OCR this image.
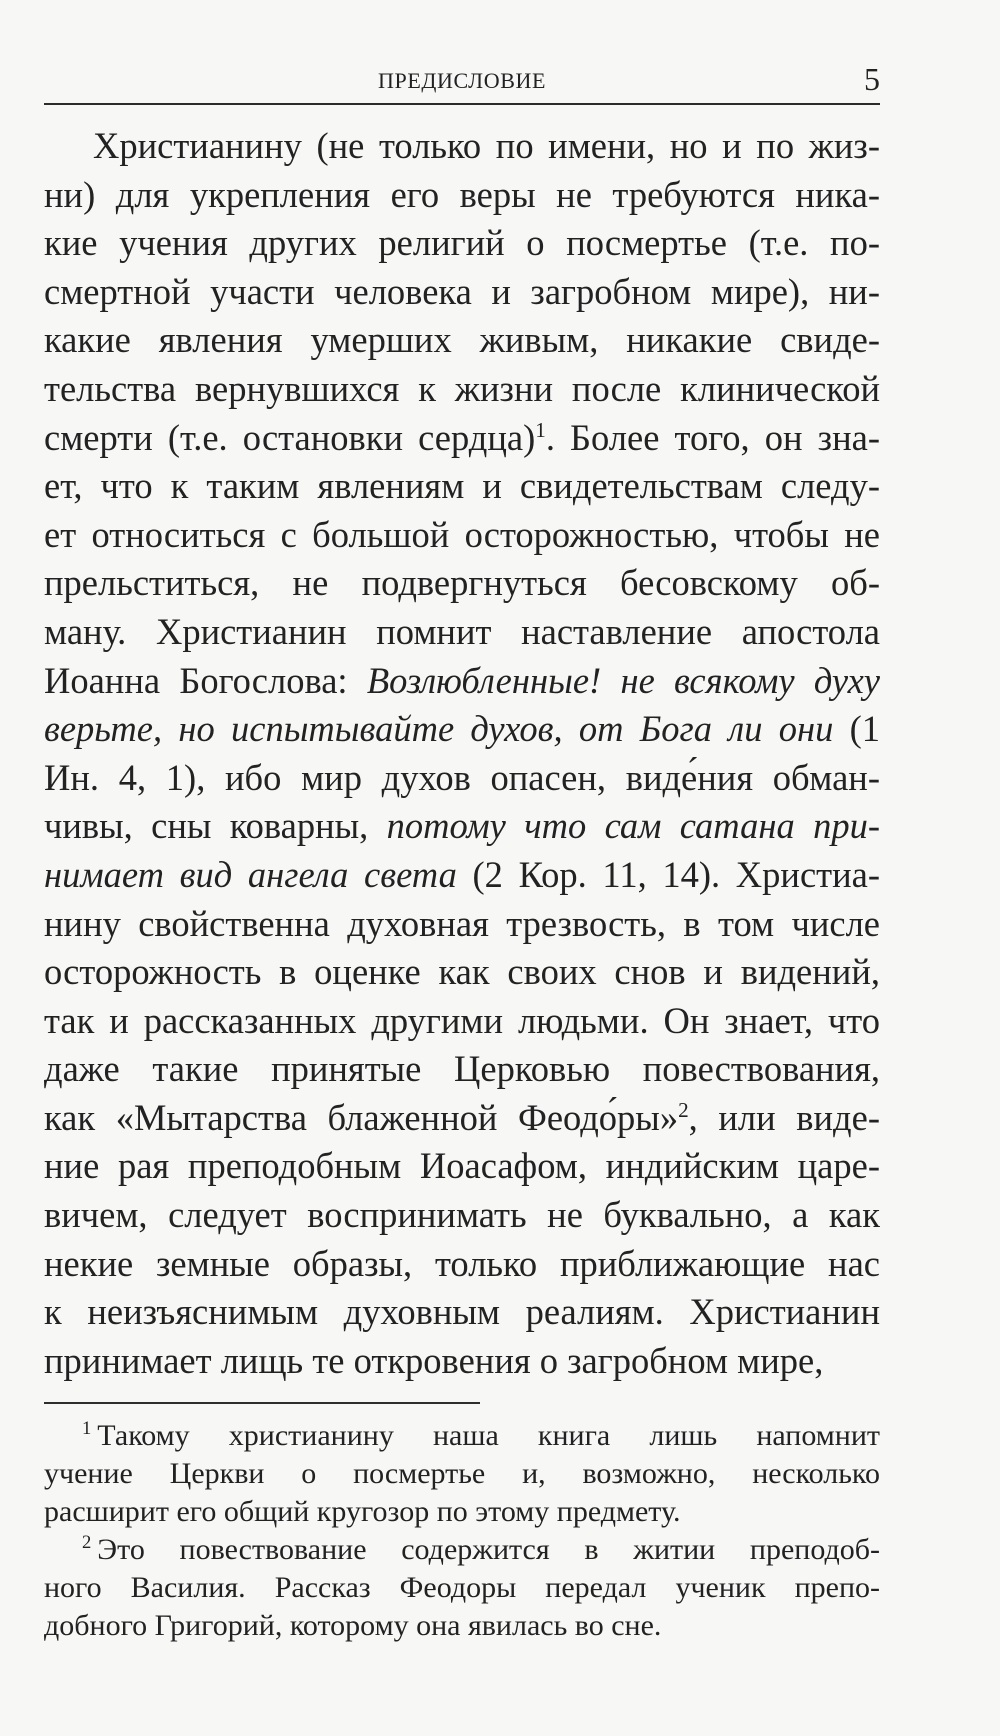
ПРЕДИСЛОВИЕ	5
Христианину (не только по имени, но и по жиз-
ни) для укрепления его веры не требуются ника-
кие учения других религий о посмертье (т.е. по-
смертной участи человека и загробном мире), ни-
какие явления умерших живым, никакие свиде-
тельства вернувшихся к жизни после клинической
смерти (т.е. остановки сердца)$^1$. Более того, он зна-
ет, что к таким явлениям и свидетельствам следу-
ет относиться с большой осторожностью, чтобы не
прельститься, не подвергнуться бесовскому об-
ману. Христианин помнит наставление апостола
Иоанна Богослова: Возлюбленные! не всякому духу
верьте, но испытывайте духов, от Бога ли они (1
Ин. 4, 1), ибо мир духов опасен, виде́ния обман-
чивы, сны коварны, потому что сам сатана при-
нимает вид ангела света (2 Кор. 11, 14). Христиа-
нину свойственна духовная трезвость, в том числе
осторожность в оценке как своих снов и видений,
так и рассказанных другими людьми. Он знает, что
даже такие принятые Церковью повествования,
как «Мытарства блаженной Феодо́ры»$^2$, или виде-
ние рая преподобным Иоасафом, индийским царе-
вичем, следует воспринимать не буквально, а как
некие земные образы, только приближающие нас
к неизъяснимым духовным реалиям. Христианин
принимает лищь те откровения о загробном мире,
$^1$ Такому христианину наша книга лишь напомнит
учение Церкви о посмертье и, возможно, несколько
расширит его общий кругозор по этому предмету.
$^2$ Это повествование содержится в житии преподоб-
ного Василия. Рассказ Феодоры передал ученик препо-
добного Григорий, которому она явилась во сне.
